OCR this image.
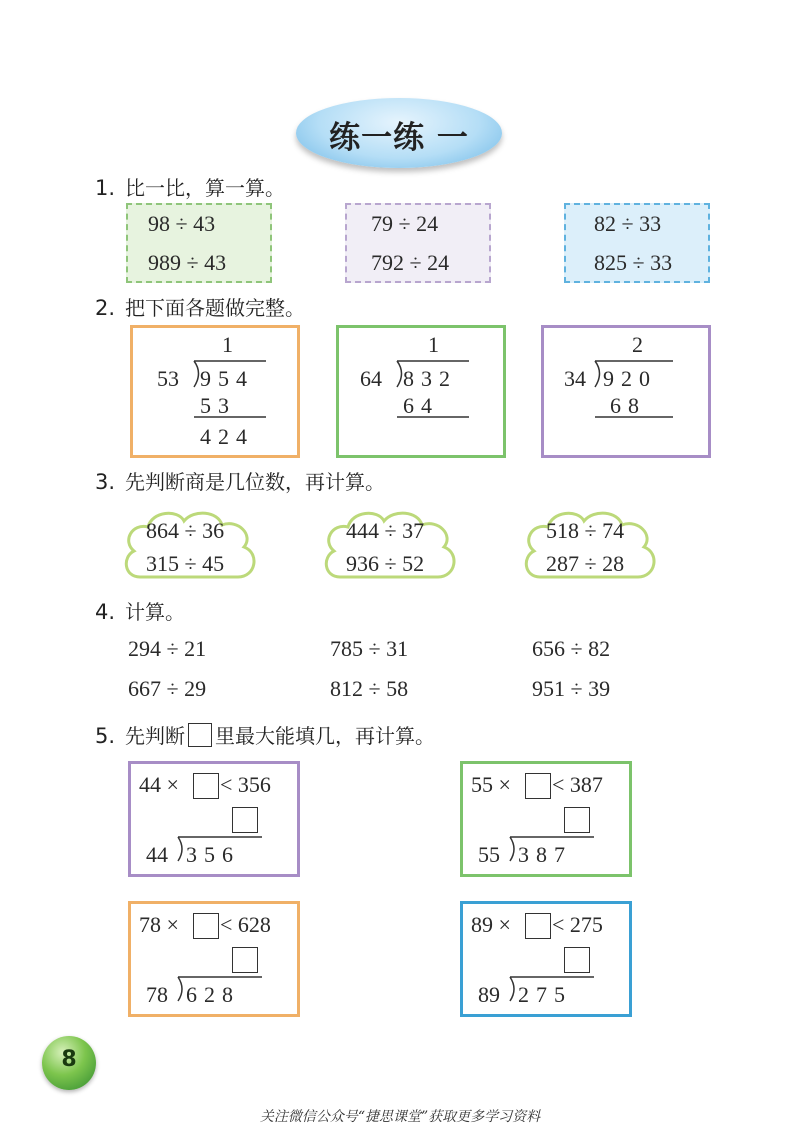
练一练 一
1. 比一比，算一算。
98 ÷ 43
989 ÷ 43
79 ÷ 24
792 ÷ 24
82 ÷ 33
825 ÷ 33
2. 把下面各题做完整。
1
53 954
53
424
1
64 832
64
2
34 920
68
3. 先判断商是几位数，再计算。
864 ÷ 36
315 ÷ 45
444 ÷ 37
936 ÷ 52
518 ÷ 74
287 ÷ 28
4. 计算。
294 ÷ 21	785 ÷ 31	656 ÷ 82
667 ÷ 29	812 ÷ 58	951 ÷ 39
5. 先判断 里最大能填几，再计算。
44 × < 356
44 356
55 × < 387
55 387
78 × < 628
78 628
89 × < 275
89 275
8
关注微信公众号“捷思课堂”获取更多学习资料
